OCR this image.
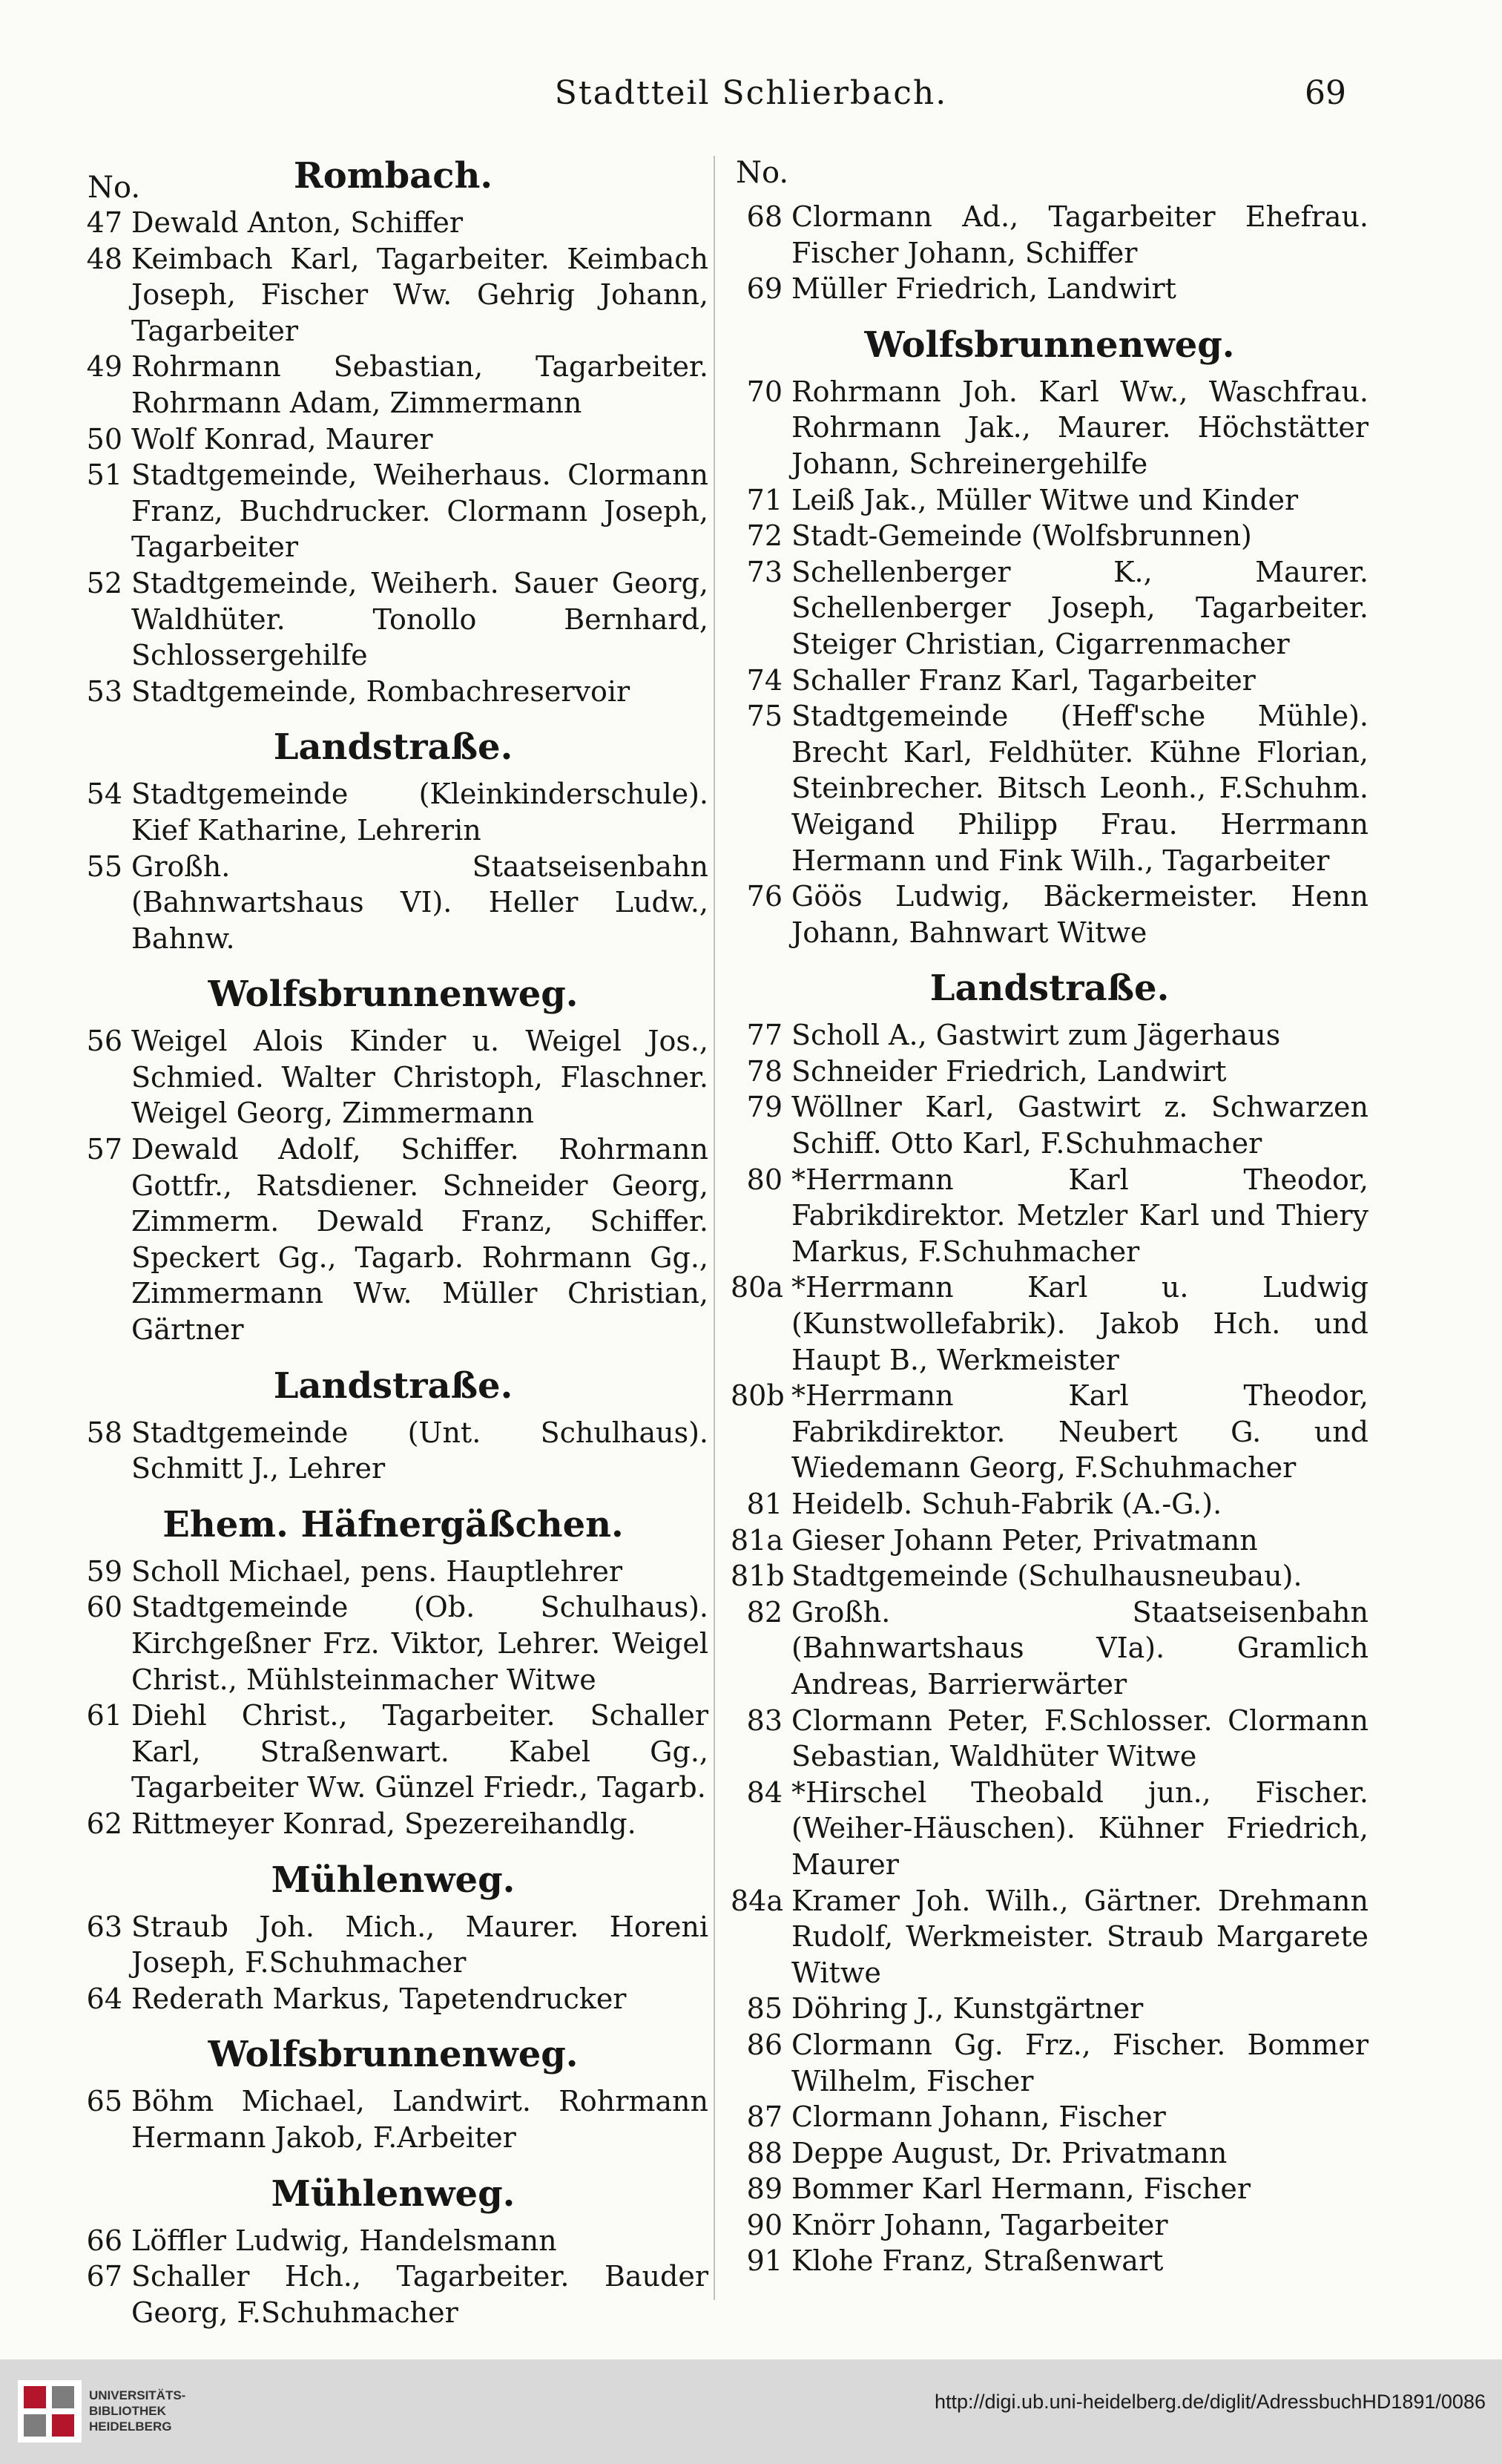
Stadtteil Schlierbach.	69
No.	No.
Rombach.
47 Dewald Anton, Schiffer
48 Keimbach Karl, Tagarbeiter. Keimbach Joseph, Fischer Ww. Gehrig Johann, Tagarbeiter
49 Rohrmann Sebastian, Tagarbeiter. Rohrmann Adam, Zimmermann
50 Wolf Konrad, Maurer
51 Stadtgemeinde, Weiherhaus. Clormann Franz, Buchdrucker. Clormann Joseph, Tagarbeiter
52 Stadtgemeinde, Weiherh. Sauer Georg, Waldhüter. Tonollo Bernhard, Schlossergehilfe
53 Stadtgemeinde, Rombachreservoir
Landstraße.
54 Stadtgemeinde (Kleinkinderschule). Kief Katharine, Lehrerin
55 Großh. Staatseisenbahn (Bahnwartshaus VI). Heller Ludw., Bahnw.
Wolfsbrunnenweg.
56 Weigel Alois Kinder u. Weigel Jos., Schmied. Walter Christoph, Flaschner. Weigel Georg, Zimmermann
57 Dewald Adolf, Schiffer. Rohrmann Gottfr., Ratsdiener. Schneider Georg, Zimmerm. Dewald Franz, Schiffer. Speckert Gg., Tagarb. Rohrmann Gg., Zimmermann Ww. Müller Christian, Gärtner
Landstraße.
58 Stadtgemeinde (Unt. Schulhaus). Schmitt J., Lehrer
Ehem. Häfnergäßchen.
59 Scholl Michael, pens. Hauptlehrer
60 Stadtgemeinde (Ob. Schulhaus). Kirchgeßner Frz. Viktor, Lehrer. Weigel Christ., Mühlsteinmacher Witwe
61 Diehl Christ., Tagarbeiter. Schaller Karl, Straßenwart. Kabel Gg., Tagarbeiter Ww. Günzel Friedr., Tagarb.
62 Rittmeyer Konrad, Spezereihandlg.
Mühlenweg.
63 Straub Joh. Mich., Maurer. Horeni Joseph, F.Schuhmacher
64 Rederath Markus, Tapetendrucker
Wolfsbrunnenweg.
65 Böhm Michael, Landwirt. Rohrmann Hermann Jakob, F.Arbeiter
Mühlenweg.
66 Löffler Ludwig, Handelsmann
67 Schaller Hch., Tagarbeiter. Bauder Georg, F.Schuhmacher
68 Clormann Ad., Tagarbeiter Ehefrau. Fischer Johann, Schiffer
69 Müller Friedrich, Landwirt
Wolfsbrunnenweg.
70 Rohrmann Joh. Karl Ww., Waschfrau. Rohrmann Jak., Maurer. Höchstätter Johann, Schreinergehilfe
71 Leiß Jak., Müller Witwe und Kinder
72 Stadt-Gemeinde (Wolfsbrunnen)
73 Schellenberger K., Maurer. Schellenberger Joseph, Tagarbeiter. Steiger Christian, Cigarrenmacher
74 Schaller Franz Karl, Tagarbeiter
75 Stadtgemeinde (Heff'sche Mühle). Brecht Karl, Feldhüter. Kühne Florian, Steinbrecher. Bitsch Leonh., F.Schuhm. Weigand Philipp Frau. Herrmann Hermann und Fink Wilh., Tagarbeiter
76 Göös Ludwig, Bäckermeister. Henn Johann, Bahnwart Witwe
Landstraße.
77 Scholl A., Gastwirt zum Jägerhaus
78 Schneider Friedrich, Landwirt
79 Wöllner Karl, Gastwirt z. Schwarzen Schiff. Otto Karl, F.Schuhmacher
80 *Herrmann Karl Theodor, Fabrikdirektor. Metzler Karl und Thiery Markus, F.Schuhmacher
80a *Herrmann Karl u. Ludwig (Kunstwollefabrik). Jakob Hch. und Haupt B., Werkmeister
80b *Herrmann Karl Theodor, Fabrikdirektor. Neubert G. und Wiedemann Georg, F.Schuhmacher
81 Heidelb. Schuh-Fabrik (A.-G.).
81a Gieser Johann Peter, Privatmann
81b Stadtgemeinde (Schulhausneubau).
82 Großh. Staatseisenbahn (Bahnwartshaus VIa). Gramlich Andreas, Barrierwärter
83 Clormann Peter, F.Schlosser. Clormann Sebastian, Waldhüter Witwe
84 *Hirschel Theobald jun., Fischer. (Weiher-Häuschen). Kühner Friedrich, Maurer
84a Kramer Joh. Wilh., Gärtner. Drehmann Rudolf, Werkmeister. Straub Margarete Witwe
85 Döhring J., Kunstgärtner
86 Clormann Gg. Frz., Fischer. Bommer Wilhelm, Fischer
87 Clormann Johann, Fischer
88 Deppe August, Dr. Privatmann
89 Bommer Karl Hermann, Fischer
90 Knörr Johann, Tagarbeiter
91 Klohe Franz, Straßenwart
UNIVERSITÄTS-
BIBLIOTHEK
HEIDELBERG
http://digi.ub.uni-heidelberg.de/diglit/AdressbuchHD1891/0086
